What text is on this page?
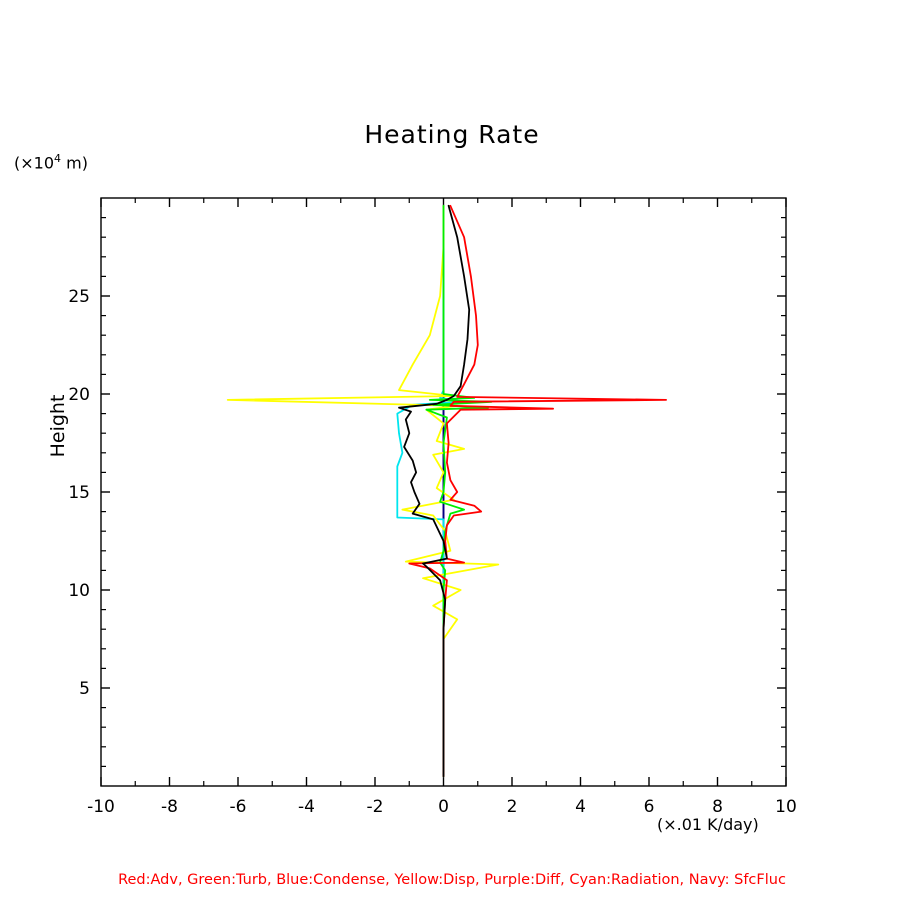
Heating Rate
($\times 10^4$ m)
(×.01 K/day)
Height
-10	-8	-6	-4	-2	0	2	4	6	8	10
5
10
15
20
25
Red:Adv, Green:Turb, Blue:Condense, Yellow:Disp, Purple:Diff, Cyan:Radiation, Navy: SfcFluc
